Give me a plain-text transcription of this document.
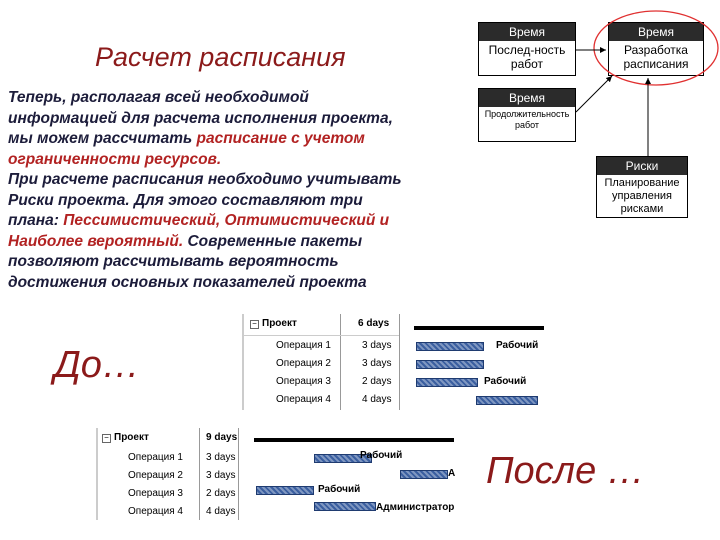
Расчет расписания
Теперь, располагая всей необходимой
информацией для расчета исполнения проекта,
мы можем рассчитать расписание с учетом
ограниченности ресурсов.
При расчете расписания необходимо учитывать
Риски проекта. Для этого составляют три
плана: Пессимистический, Оптимистический и
Наиболее вероятный. Современные пакеты
позволяют рассчитывать вероятность
достижения основных показателей проекта
Время
Послед-ность
работ
Время
Разработка
расписания
Время
Продолжительность
работ
Риски
Планирование
управления
рисками
− Проект	6 days
Операция 1	3 days
Операция 2	3 days
Операция 3	2 days
Операция 4	4 days
Рабочий
Рабочий
До…
− Проект	9 days
Операция 1 3 days
Операция 2 3 days
Операция 3 2 days
Операция 4 4 days
Рабочий
А
Рабочий
Администратор
После …
